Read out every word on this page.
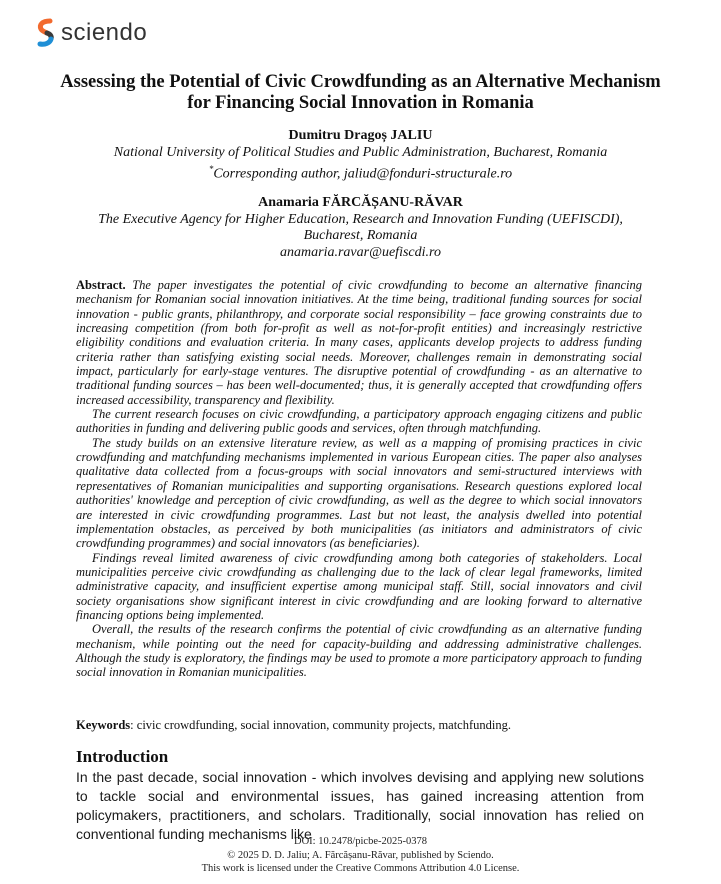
sciendo
Assessing the Potential of Civic Crowdfunding as an Alternative Mechanism for Financing Social Innovation in Romania
Dumitru Dragoș JALIU
National University of Political Studies and Public Administration, Bucharest, Romania
*Corresponding author, jaliud@fonduri-structurale.ro
Anamaria FĂRCĂȘANU-RĂVAR
The Executive Agency for Higher Education, Research and Innovation Funding (UEFISCDI),
Bucharest, Romania
anamaria.ravar@uefiscdi.ro

Abstract. The paper investigates the potential of civic crowdfunding to become an alternative financing mechanism for Romanian social innovation initiatives. At the time being, traditional funding sources for social innovation - public grants, philanthropy, and corporate social responsibility – face growing constraints due to increasing competition (from both for-profit as well as not-for-profit entities) and increasingly restrictive eligibility conditions and evaluation criteria. In many cases, applicants develop projects to address funding criteria rather than satisfying existing social needs. Moreover, challenges remain in demonstrating social impact, particularly for early-stage ventures. The disruptive potential of crowdfunding - as an alternative to traditional funding sources – has been well-documented; thus, it is generally accepted that crowdfunding offers increased accessibility, transparency and flexibility.

The current research focuses on civic crowdfunding, a participatory approach engaging citizens and public authorities in funding and delivering public goods and services, often through matchfunding.

The study builds on an extensive literature review, as well as a mapping of promising practices in civic crowdfunding and matchfunding mechanisms implemented in various European cities. The paper also analyses qualitative data collected from a focus-groups with social innovators and semi-structured interviews with representatives of Romanian municipalities and supporting organisations. Research questions explored local authorities' knowledge and perception of civic crowdfunding, as well as the degree to which social innovators are interested in civic crowdfunding programmes. Last but not least, the analysis dwelled into potential implementation obstacles, as perceived by both municipalities (as initiators and administrators of civic crowdfunding programmes) and social innovators (as beneficiaries).

Findings reveal limited awareness of civic crowdfunding among both categories of stakeholders. Local municipalities perceive civic crowdfunding as challenging due to the lack of clear legal frameworks, limited administrative capacity, and insufficient expertise among municipal staff. Still, social innovators and civil society organisations show significant interest in civic crowdfunding and are looking forward to alternative financing options being implemented.

Overall, the results of the research confirms the potential of civic crowdfunding as an alternative funding mechanism, while pointing out the need for capacity-building and addressing administrative challenges. Although the study is exploratory, the findings may be used to promote a more participatory approach to funding social innovation in Romanian municipalities.

Keywords: civic crowdfunding, social innovation, community projects, matchfunding.

Introduction

In the past decade, social innovation - which involves devising and applying new solutions to tackle social and environmental issues, has gained increasing attention from policymakers, practitioners, and scholars. Traditionally, social innovation has relied on conventional funding mechanisms like

DOI: 10.2478/picbe-2025-0378
© 2025 D. D. Jaliu; A. Fărcășanu-Răvar, published by Sciendo.
This work is licensed under the Creative Commons Attribution 4.0 License.
